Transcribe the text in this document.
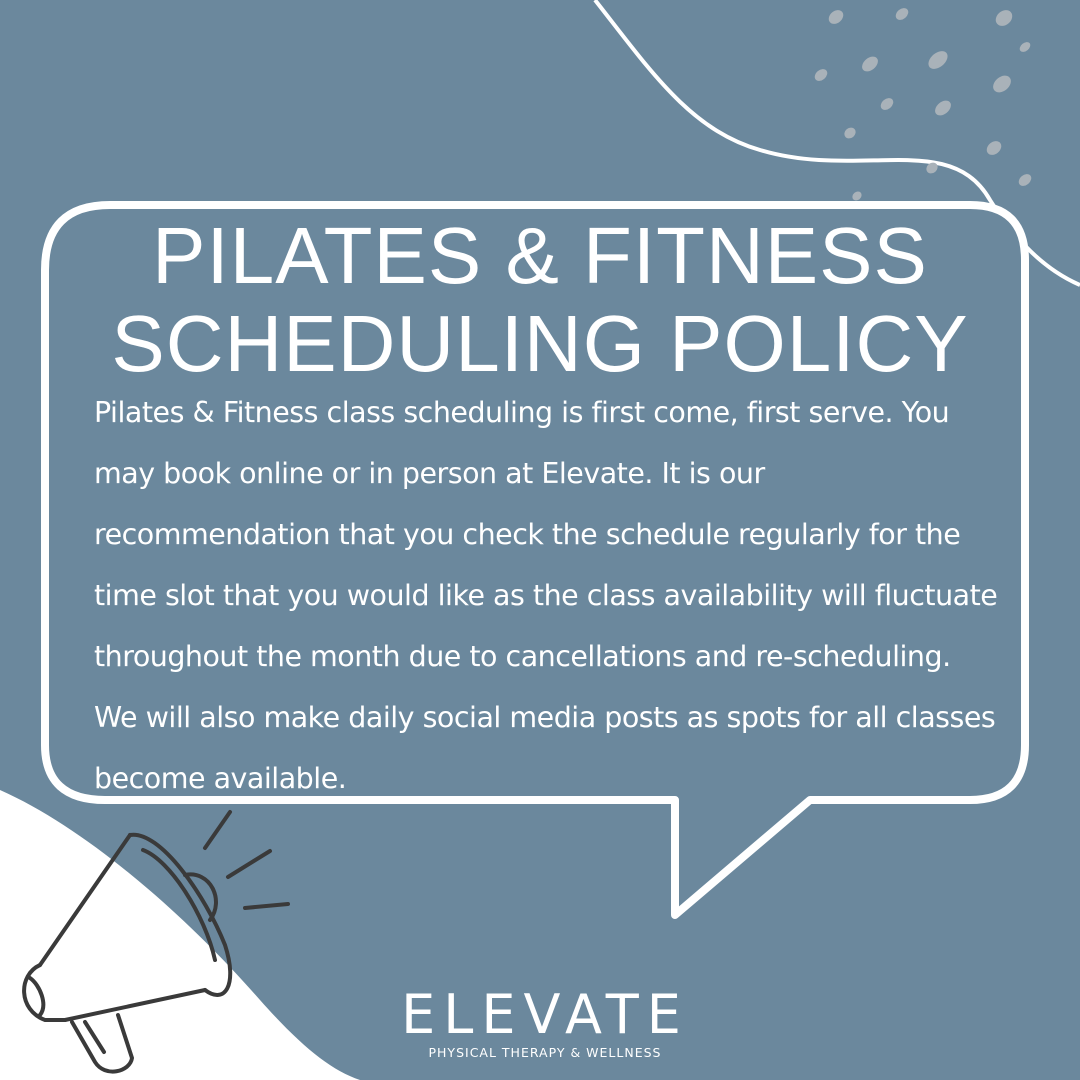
PILATES & FITNESS SCHEDULING POLICY

Pilates & Fitness class scheduling is first come, first serve. You may book online or in person at Elevate. It is our recommendation that you check the schedule regularly for the time slot that you would like as the class availability will fluctuate throughout the month due to cancellations and re-scheduling. We will also make daily social media posts as spots for all classes become available.

ELEVATE
PHYSICAL THERAPY & WELLNESS
